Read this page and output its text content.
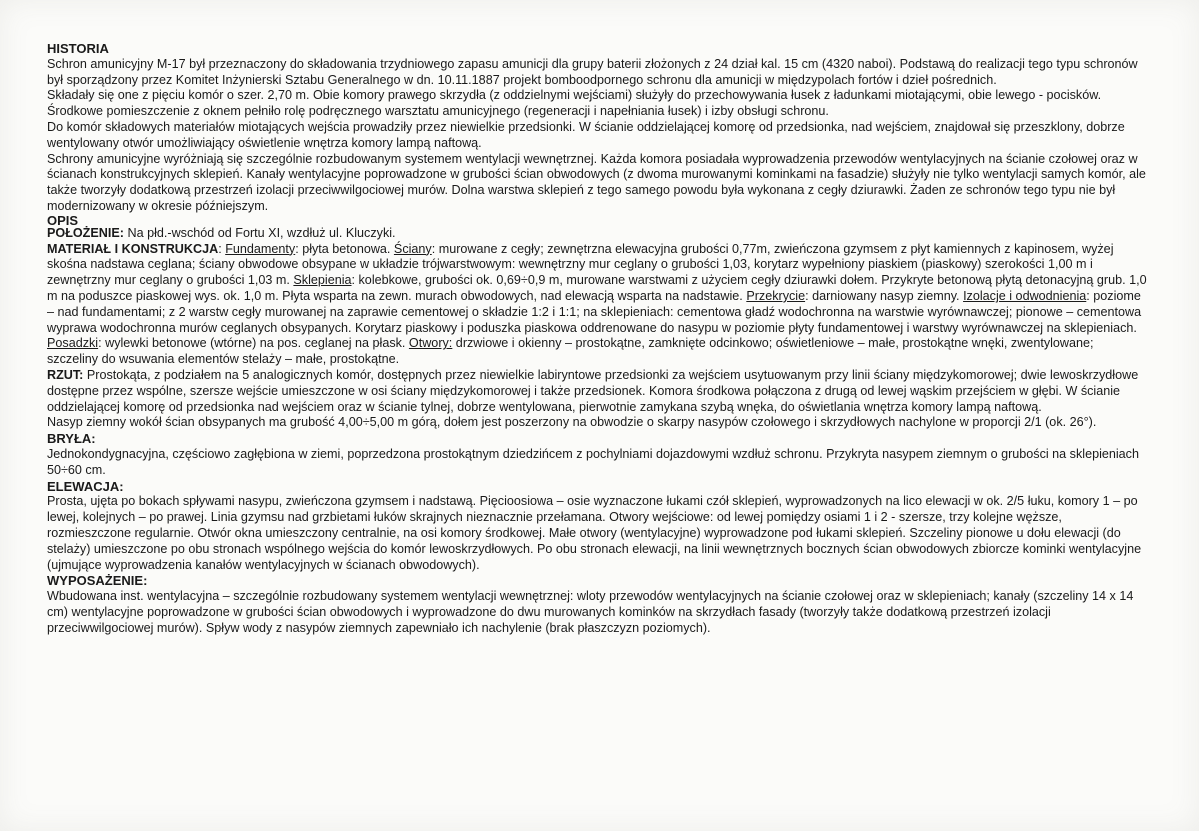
HISTORIA

Schron amunicyjny M-17 był przeznaczony do składowania trzydniowego zapasu amunicji dla grupy baterii złożonych z 24 dział kal. 15 cm (4320 naboi). Podstawą do realizacji tego typu schronów był sporządzony przez Komitet Inżynierski Sztabu Generalnego w dn. 10.11.1887 projekt bomboodpornego schronu dla amunicji w międzypolach fortów i dzieł pośrednich.

Składały się one z pięciu komór o szer. 2,70 m. Obie komory prawego skrzydła (z oddzielnymi wejściami) służyły do przechowywania łusek z ładunkami miotającymi, obie lewego - pocisków. Środkowe pomieszczenie z oknem pełniło rolę podręcznego warsztatu amunicyjnego (regeneracji i napełniania łusek) i izby obsługi schronu.

Do komór składowych materiałów miotających wejścia prowadziły przez niewielkie przedsionki. W ścianie oddzielającej komorę od przedsionka, nad wejściem, znajdował się przeszklony, dobrze wentylowany otwór umożliwiający oświetlenie wnętrza komory lampą naftową.

Schrony amunicyjne wyróżniają się szczególnie rozbudowanym systemem wentylacji wewnętrznej. Każda komora posiadała wyprowadzenia przewodów wentylacyjnych na ścianie czołowej oraz w ścianach konstrukcyjnych sklepień. Kanały wentylacyjne poprowadzone w grubości ścian obwodowych (z dwoma murowanymi kominkami na fasadzie) służyły nie tylko wentylacji samych komór, ale także tworzyły dodatkową przestrzeń izolacji przeciwwilgociowej murów. Dolna warstwa sklepień z tego samego powodu była wykonana z cegły dziurawki. Żaden ze schronów tego typu nie był modernizowany w okresie późniejszym.

OPIS

POŁOŻENIE: Na płd.-wschód od Fortu XI, wzdłuż ul. Kluczyki.

MATERIAŁ I KONSTRUKCJA: Fundamenty: płyta betonowa. Ściany: murowane z cegły; zewnętrzna elewacyjna grubości 0,77m, zwieńczona gzymsem z płyt kamiennych z kapinosem, wyżej skośna nadstawa ceglana; ściany obwodowe obsypane w układzie trójwarstwowym: wewnętrzny mur ceglany o grubości 1,03, korytarz wypełniony piaskiem (piaskowy) szerokości 1,00 m i zewnętrzny mur ceglany o grubości 1,03 m. Sklepienia: kolebkowe, grubości ok. 0,69÷0,9 m, murowane warstwami z użyciem cegły dziurawki dołem. Przykryte betonową płytą detonacyjną grub. 1,0 m na poduszce piaskowej wys. ok. 1,0 m. Płyta wsparta na zewn. murach obwodowych, nad elewacją wsparta na nadstawie. Przekrycie: darniowany nasyp ziemny. Izolacje i odwodnienia: poziome – nad fundamentami; z 2 warstw cegły murowanej na zaprawie cementowej o składzie 1:2 i 1:1; na sklepieniach: cementowa gładź wodochronna na warstwie wyrównawczej; pionowe – cementowa wyprawa wodochronna murów ceglanych obsypanych. Korytarz piaskowy i poduszka piaskowa oddrenowane do nasypu w poziomie płyty fundamentowej i warstwy wyrównawczej na sklepieniach. Posadzki: wylewki betonowe (wtórne) na pos. ceglanej na płask. Otwory: drzwiowe i okienny – prostokątne, zamknięte odcinkowo; oświetleniowe – małe, prostokątne wnęki, zwentylowane; szczeliny do wsuwania elementów stelaży – małe, prostokątne.

RZUT: Prostokąta, z podziałem na 5 analogicznych komór, dostępnych przez niewielkie labiryntowe przedsionki za wejściem usytuowanym przy linii ściany międzykomorowej; dwie lewoskrzydłowe dostępne przez wspólne, szersze wejście umieszczone w osi ściany międzykomorowej i także przedsionek. Komora środkowa połączona z drugą od lewej wąskim przejściem w głębi. W ścianie oddzielającej komorę od przedsionka nad wejściem oraz w ścianie tylnej, dobrze wentylowana, pierwotnie zamykana szybą wnęka, do oświetlania wnętrza komory lampą naftową.

Nasyp ziemny wokół ścian obsypanych ma grubość 4,00÷5,00 m górą, dołem jest poszerzony na obwodzie o skarpy nasypów czołowego i skrzydłowych nachylone w proporcji 2/1 (ok. 26°).

BRYŁA:

Jednokondygnacyjna, częściowo zagłębiona w ziemi, poprzedzona prostokątnym dziedzińcem z pochylniami dojazdowymi wzdłuż schronu. Przykryta nasypem ziemnym o grubości na sklepieniach 50÷60 cm.

ELEWACJA:

Prosta, ujęta po bokach spływami nasypu, zwieńczona gzymsem i nadstawą. Pięcioosiowa – osie wyznaczone łukami czół sklepień, wyprowadzonych na lico elewacji w ok. 2/5 łuku, komory 1 – po lewej, kolejnych – po prawej. Linia gzymsu nad grzbietami łuków skrajnych nieznacznie przełamana. Otwory wejściowe: od lewej pomiędzy osiami 1 i 2 - szersze, trzy kolejne węższe, rozmieszczone regularnie. Otwór okna umieszczony centralnie, na osi komory środkowej. Małe otwory (wentylacyjne) wyprowadzone pod łukami sklepień. Szczeliny pionowe u dołu elewacji (do stelaży) umieszczone po obu stronach wspólnego wejścia do komór lewoskrzydłowych. Po obu stronach elewacji, na linii wewnętrznych bocznych ścian obwodowych zbiorcze kominki wentylacyjne (ujmujące wyprowadzenia kanałów wentylacyjnych w ścianach obwodowych).

WYPOSAŻENIE:

Wbudowana inst. wentylacyjna – szczególnie rozbudowany systemem wentylacji wewnętrznej: wloty przewodów wentylacyjnych na ścianie czołowej oraz w sklepieniach; kanały (szczeliny 14 x 14 cm) wentylacyjne poprowadzone w grubości ścian obwodowych i wyprowadzone do dwu murowanych kominków na skrzydłach fasady (tworzyły także dodatkową przestrzeń izolacji przeciwwilgociowej murów). Spływ wody z nasypów ziemnych zapewniało ich nachylenie (brak płaszczyzn poziomych).
